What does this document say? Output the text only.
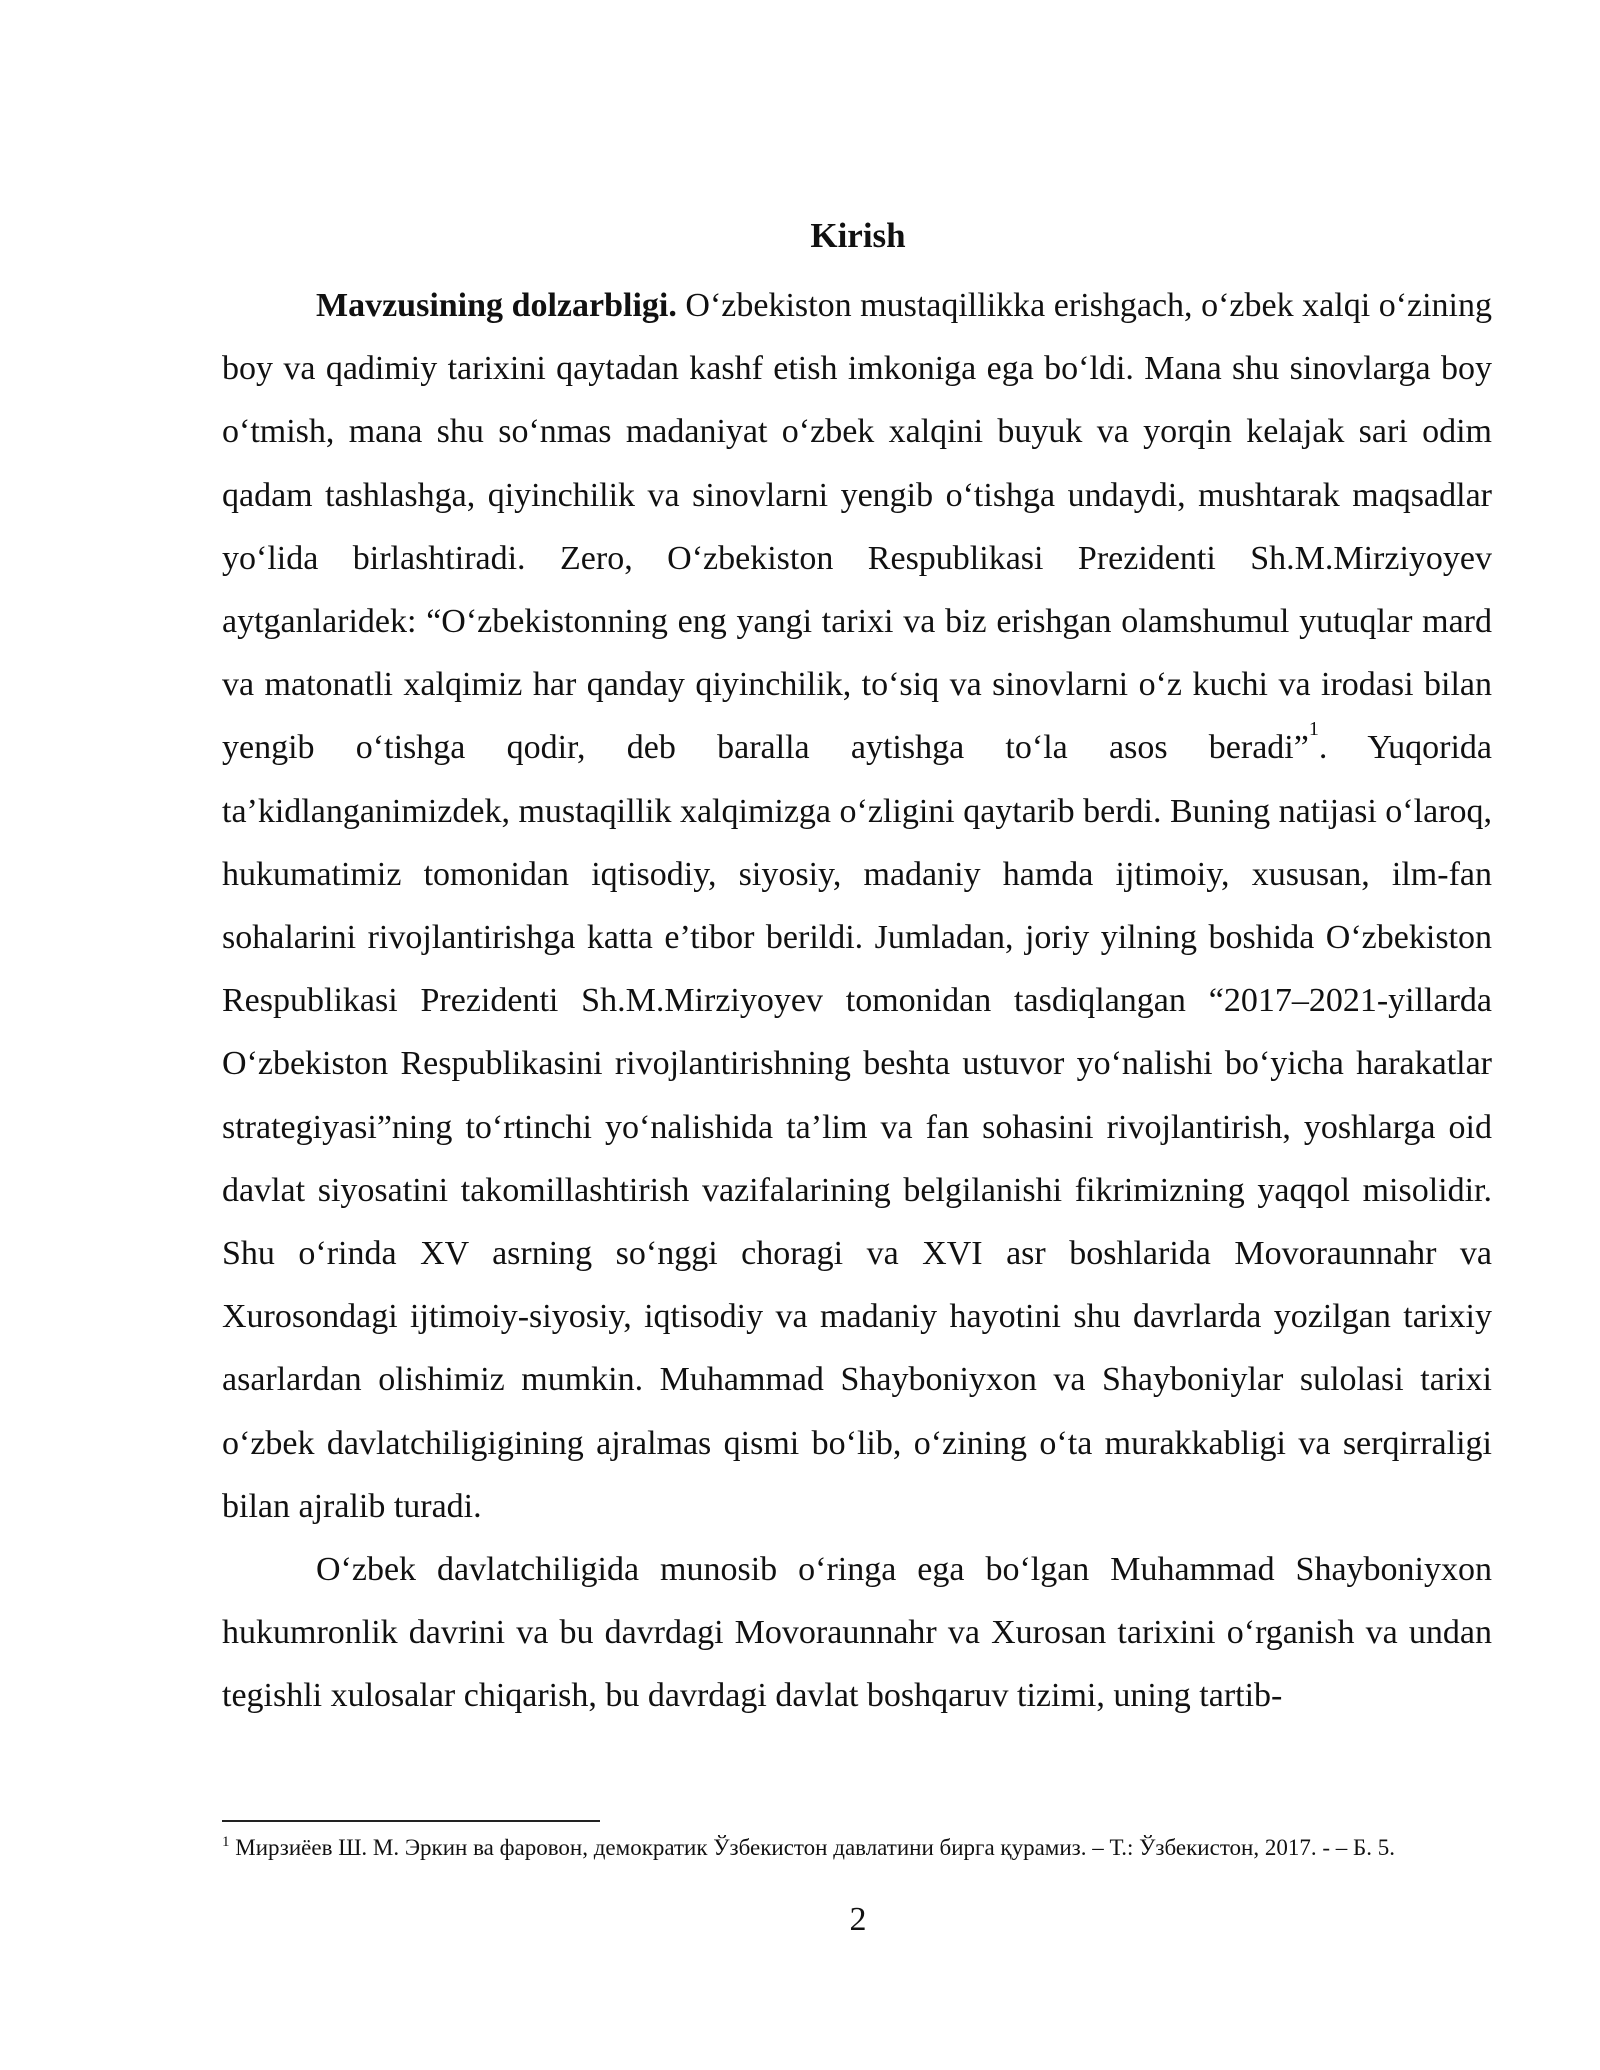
Kirish

Mavzusining dolzarbligi. O‘zbekiston mustaqillikka erishgach, o‘zbek xalqi o‘zining boy va qadimiy tarixini qaytadan kashf etish imkoniga ega bo‘ldi. Mana shu sinovlarga boy o‘tmish, mana shu so‘nmas madaniyat o‘zbek xalqini buyuk va yorqin kelajak sari odim qadam tashlashga, qiyinchilik va sinovlarni yengib o‘tishga undaydi, mushtarak maqsadlar yo‘lida birlashtiradi. Zero, O‘zbekiston Respublikasi Prezidenti Sh.M.Mirziyoyev aytganlaridek: “O‘zbekistonning eng yangi tarixi va biz erishgan olamshumul yutuqlar mard va matonatli xalqimiz har qanday qiyinchilik, to‘siq va sinovlarni o‘z kuchi va irodasi bilan yengib o‘tishga qodir, deb baralla aytishga to‘la asos beradi”$^1$. Yuqorida ta’kidlanganimizdek, mustaqillik xalqimizga o‘zligini qaytarib berdi. Buning natijasi o‘laroq, hukumatimiz tomonidan iqtisodiy, siyosiy, madaniy hamda ijtimoiy, xususan, ilm-fan sohalarini rivojlantirishga katta e’tibor berildi. Jumladan, joriy yilning boshida O‘zbekiston Respublikasi Prezidenti Sh.M.Mirziyoyev tomonidan tasdiqlangan “2017–2021-yillarda O‘zbekiston Respublikasini rivojlantirishning beshta ustuvor yo‘nalishi bo‘yicha harakatlar strategiyasi”ning to‘rtinchi yo‘nalishida ta’lim va fan sohasini rivojlantirish, yoshlarga oid davlat siyosatini takomillashtirish vazifalarining belgilanishi fikrimizning yaqqol misolidir. Shu o‘rinda XV asrning so‘nggi choragi va XVI asr boshlarida Movoraunnahr va Xurosondagi ijtimoiy-siyosiy, iqtisodiy va madaniy hayotini shu davrlarda yozilgan tarixiy asarlardan olishimiz mumkin. Muhammad Shayboniyxon va Shayboniylar sulolasi tarixi o‘zbek davlatchiligigining ajralmas qismi bo‘lib, o‘zining o‘ta murakkabligi va serqirraligi bilan ajralib turadi.

O‘zbek davlatchiligida munosib o‘ringa ega bo‘lgan Muhammad Shayboniyxon hukumronlik davrini va bu davrdagi Movoraunnahr va Xurosan tarixini o‘rganish va undan tegishli xulosalar chiqarish, bu davrdagi davlat boshqaruv tizimi, uning tartib-

$^1$ Мирзиёев Ш. М. Эркин ва фаровон, демократик Ўзбекистон давлатини бирга қурамиз. – Т.: Ўзбекистон, 2017. - – Б. 5.
2
